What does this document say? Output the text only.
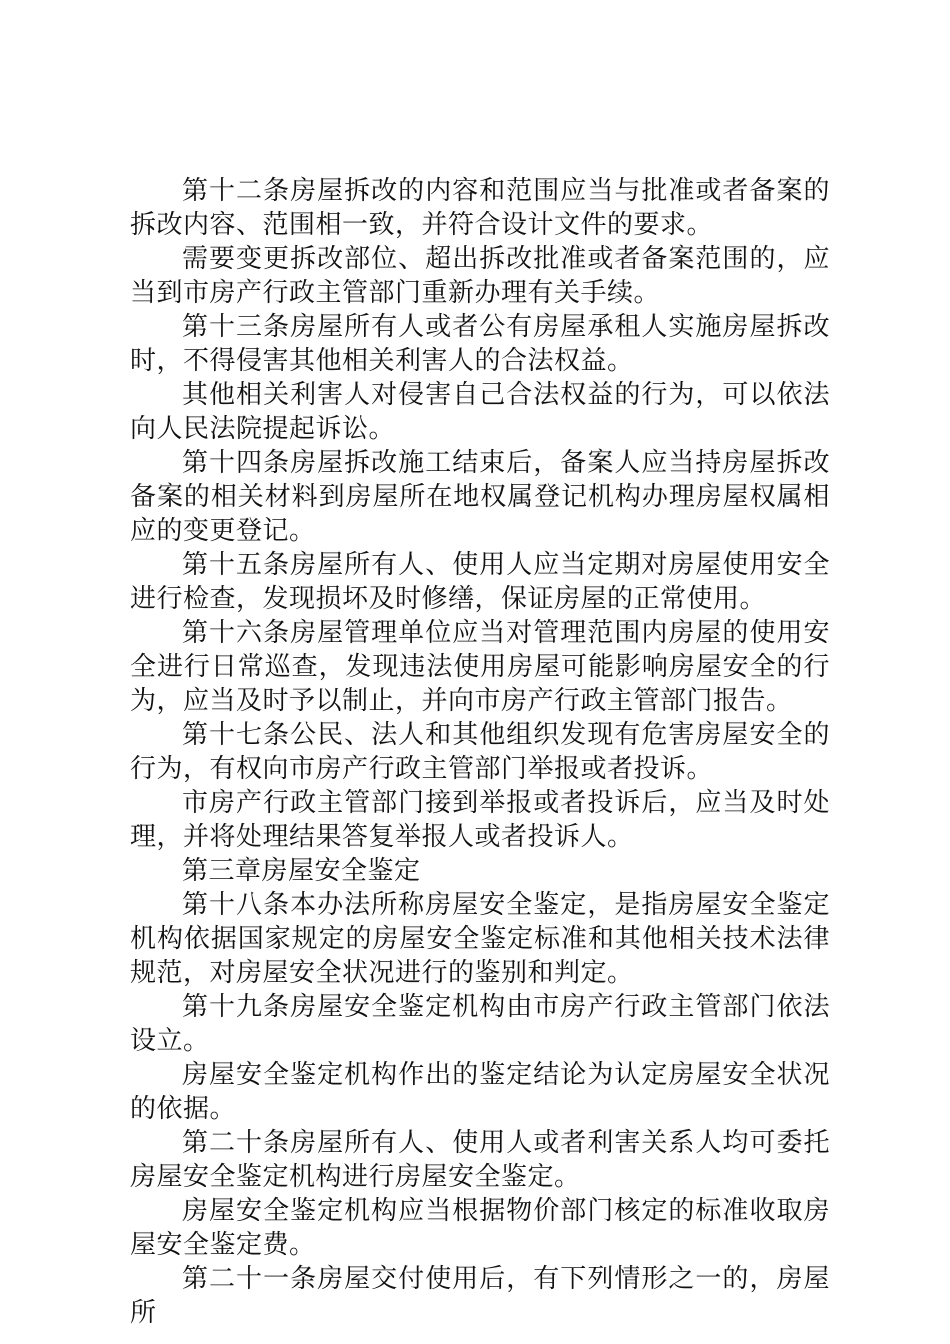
第十二条房屋拆改的内容和范围应当与批准或者备案的拆改内容、范围相一致，并符合设计文件的要求。

需要变更拆改部位、超出拆改批准或者备案范围的，应当到市房产行政主管部门重新办理有关手续。

第十三条房屋所有人或者公有房屋承租人实施房屋拆改时，不得侵害其他相关利害人的合法权益。

其他相关利害人对侵害自己合法权益的行为，可以依法向人民法院提起诉讼。

第十四条房屋拆改施工结束后，备案人应当持房屋拆改备案的相关材料到房屋所在地权属登记机构办理房屋权属相应的变更登记。

第十五条房屋所有人、使用人应当定期对房屋使用安全进行检查，发现损坏及时修缮，保证房屋的正常使用。

第十六条房屋管理单位应当对管理范围内房屋的使用安全进行日常巡查，发现违法使用房屋可能影响房屋安全的行为，应当及时予以制止，并向市房产行政主管部门报告。

第十七条公民、法人和其他组织发现有危害房屋安全的行为，有权向市房产行政主管部门举报或者投诉。

市房产行政主管部门接到举报或者投诉后，应当及时处理，并将处理结果答复举报人或者投诉人。

第三章房屋安全鉴定

第十八条本办法所称房屋安全鉴定，是指房屋安全鉴定机构依据国家规定的房屋安全鉴定标准和其他相关技术法律规范，对房屋安全状况进行的鉴别和判定。

第十九条房屋安全鉴定机构由市房产行政主管部门依法设立。

房屋安全鉴定机构作出的鉴定结论为认定房屋安全状况的依据。

第二十条房屋所有人、使用人或者利害关系人均可委托房屋安全鉴定机构进行房屋安全鉴定。

房屋安全鉴定机构应当根据物价部门核定的标准收取房屋安全鉴定费。

第二十一条房屋交付使用后，有下列情形之一的，房屋所
